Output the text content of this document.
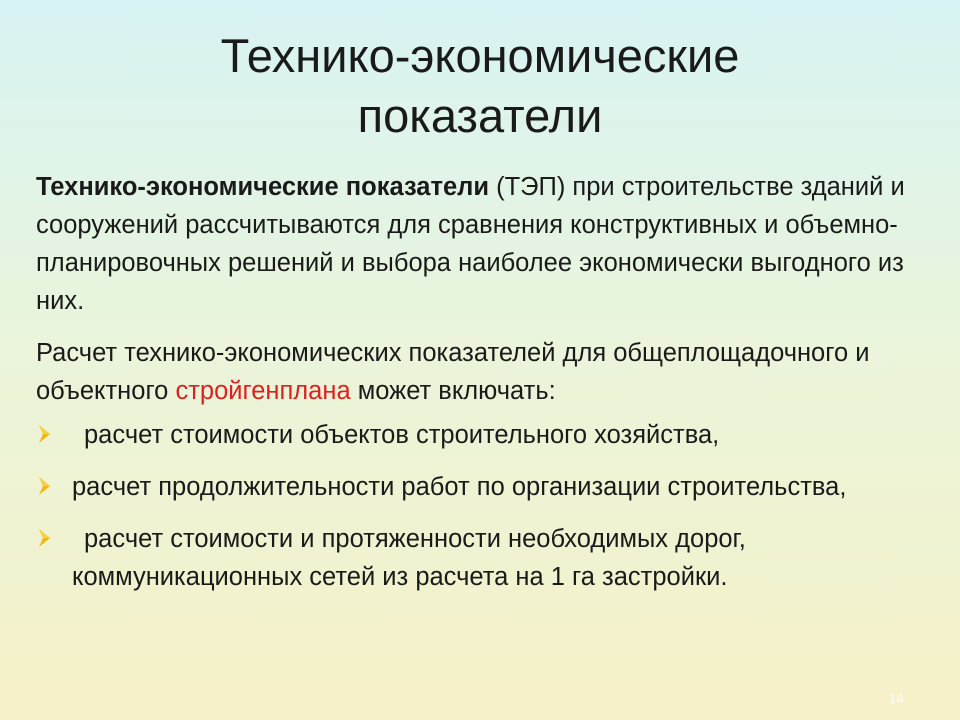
Технико-экономические
показатели

Технико-экономические показатели (ТЭП) при строительстве зданий и сооружений рассчитываются для сравнения конструктивных и объемно-планировочных решений и выбора наиболее экономически выгодного из них.

Расчет технико-экономических показателей для общеплощадочного и объектного стройгенплана может включать:

расчет стоимости объектов строительного хозяйства,
расчет продолжительности работ по организации строительства,
расчет стоимости и протяженности необходимых дорог, коммуникационных сетей из расчета на 1 га застройки.
14
